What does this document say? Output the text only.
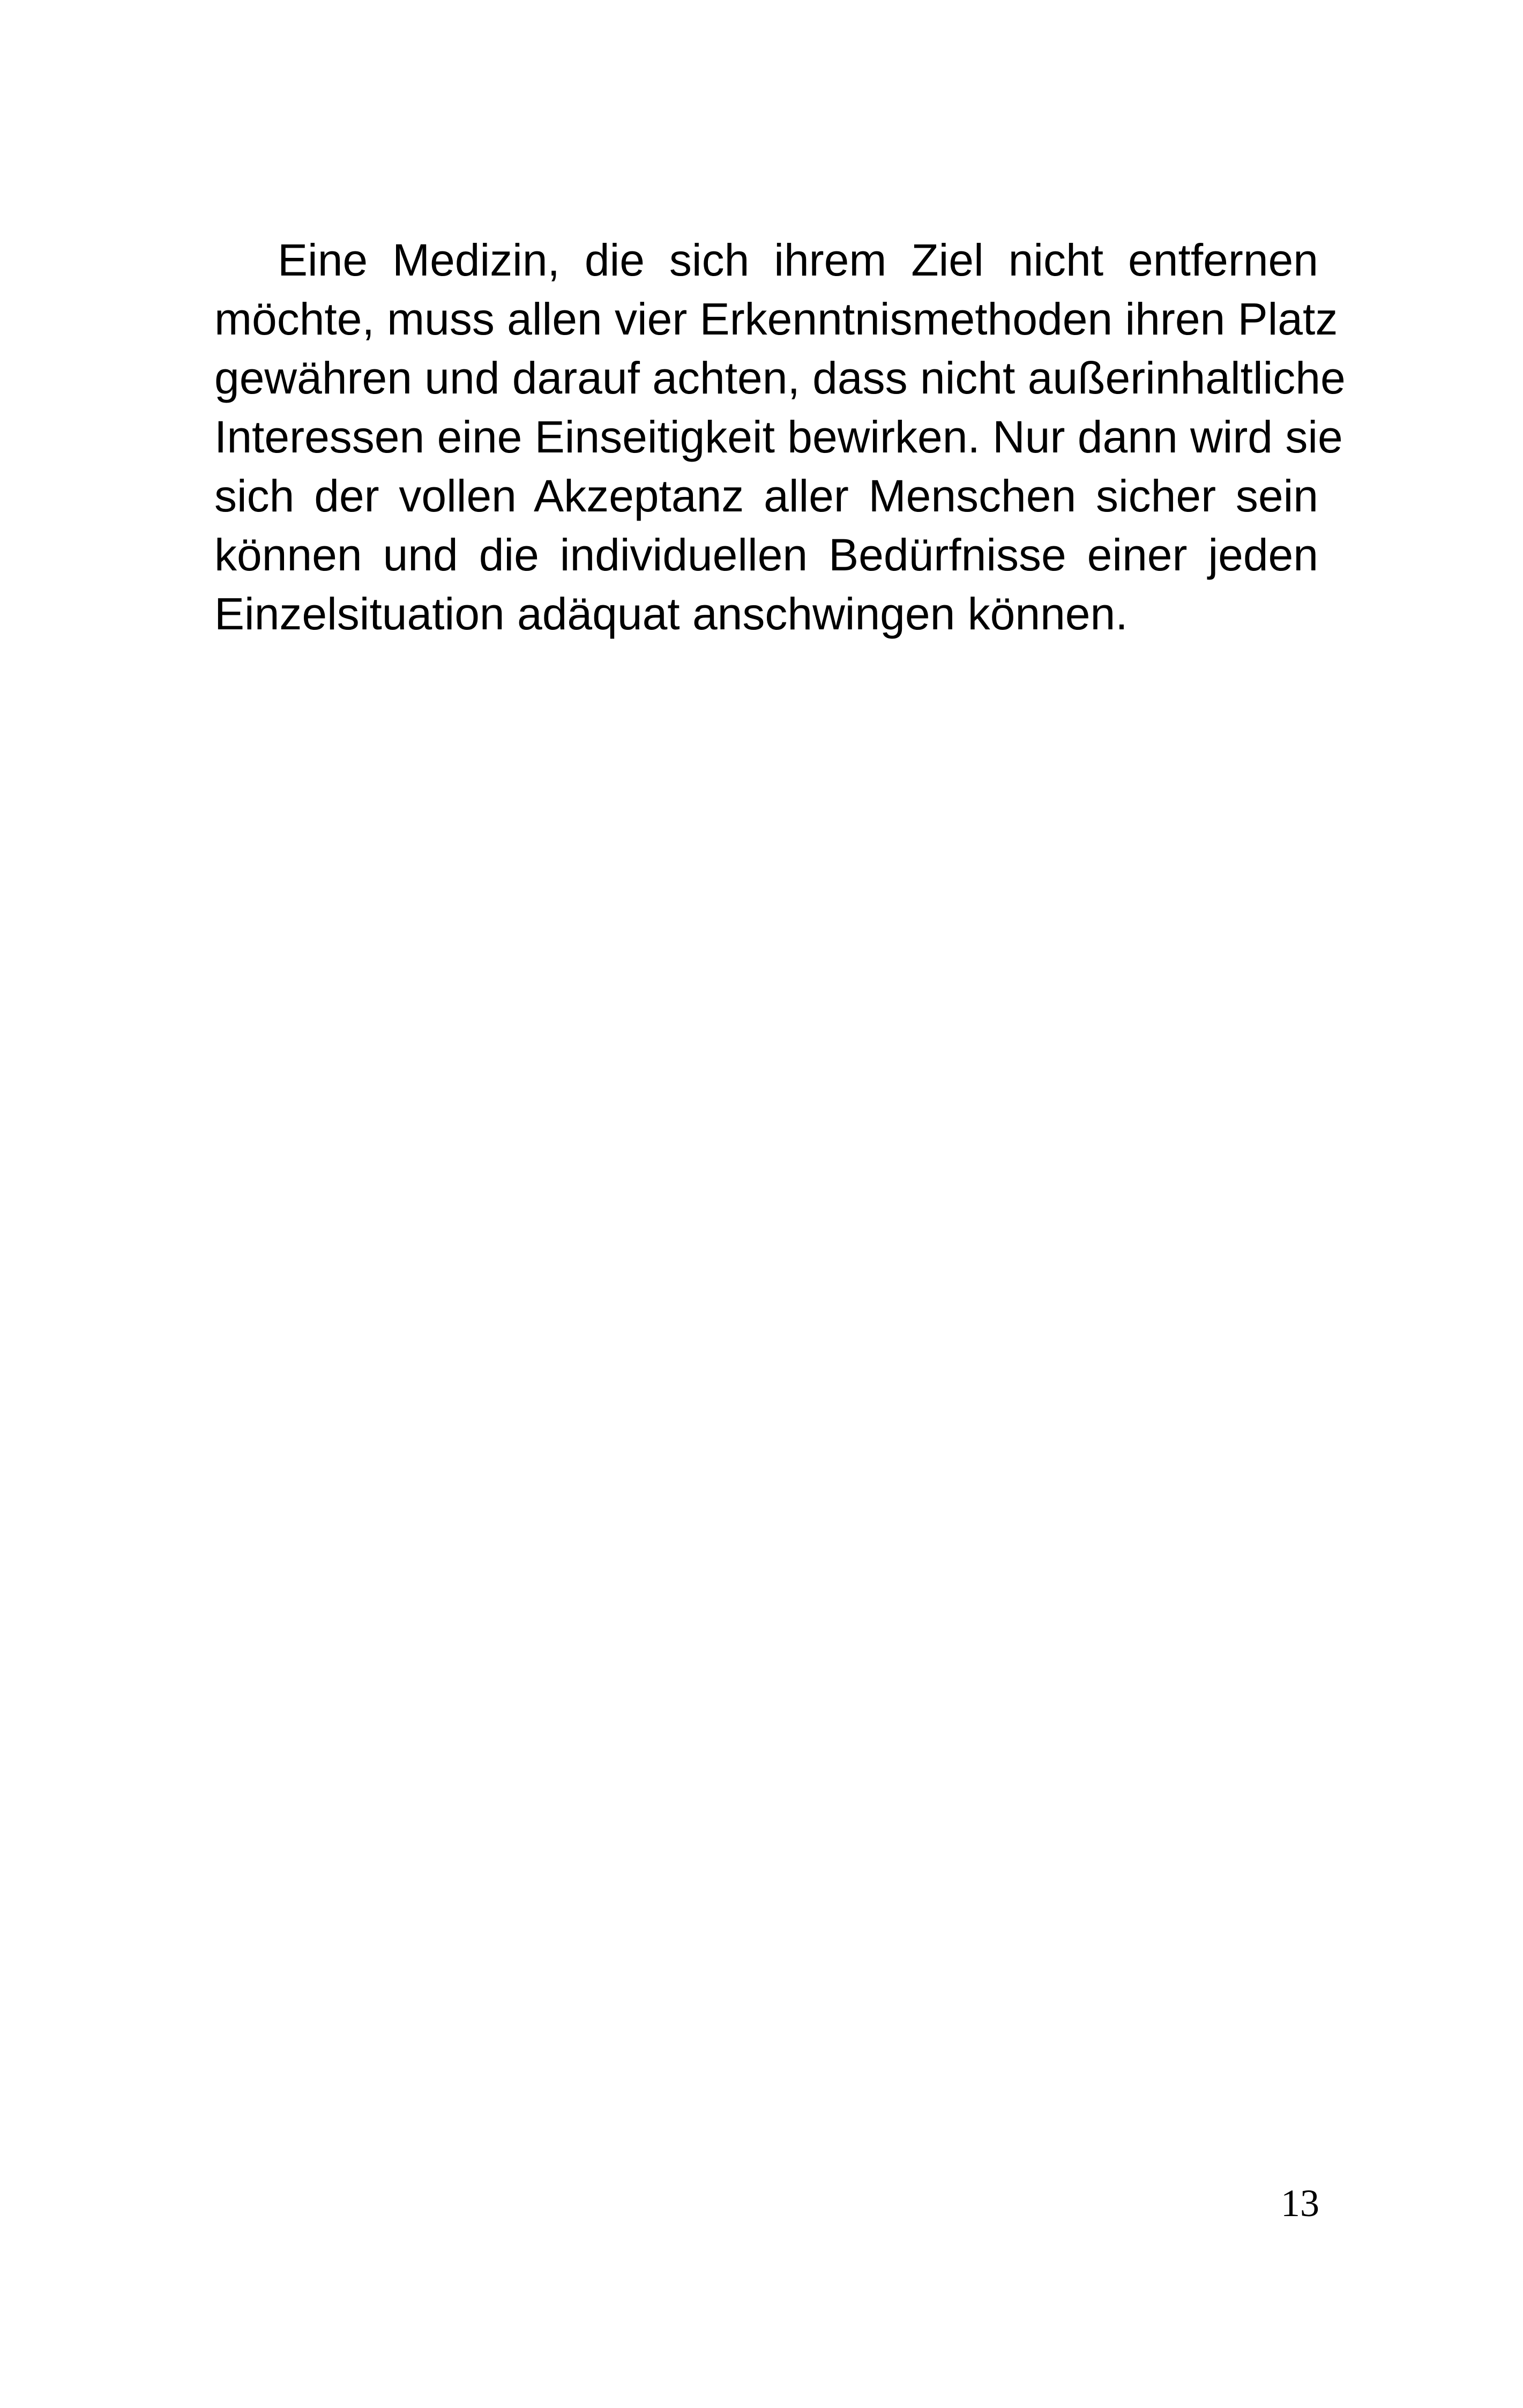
Eine Medizin, die sich ihrem Ziel nicht entfernen
möchte, muss allen vier Erkenntnismethoden ihren Platz
gewähren und darauf achten, dass nicht außerinhaltliche
Interessen eine Einseitigkeit bewirken. Nur dann wird sie
sich der vollen Akzeptanz aller Menschen sicher sein
können und die individuellen Bedürfnisse einer jeden
Einzelsituation adäquat anschwingen können.
13
